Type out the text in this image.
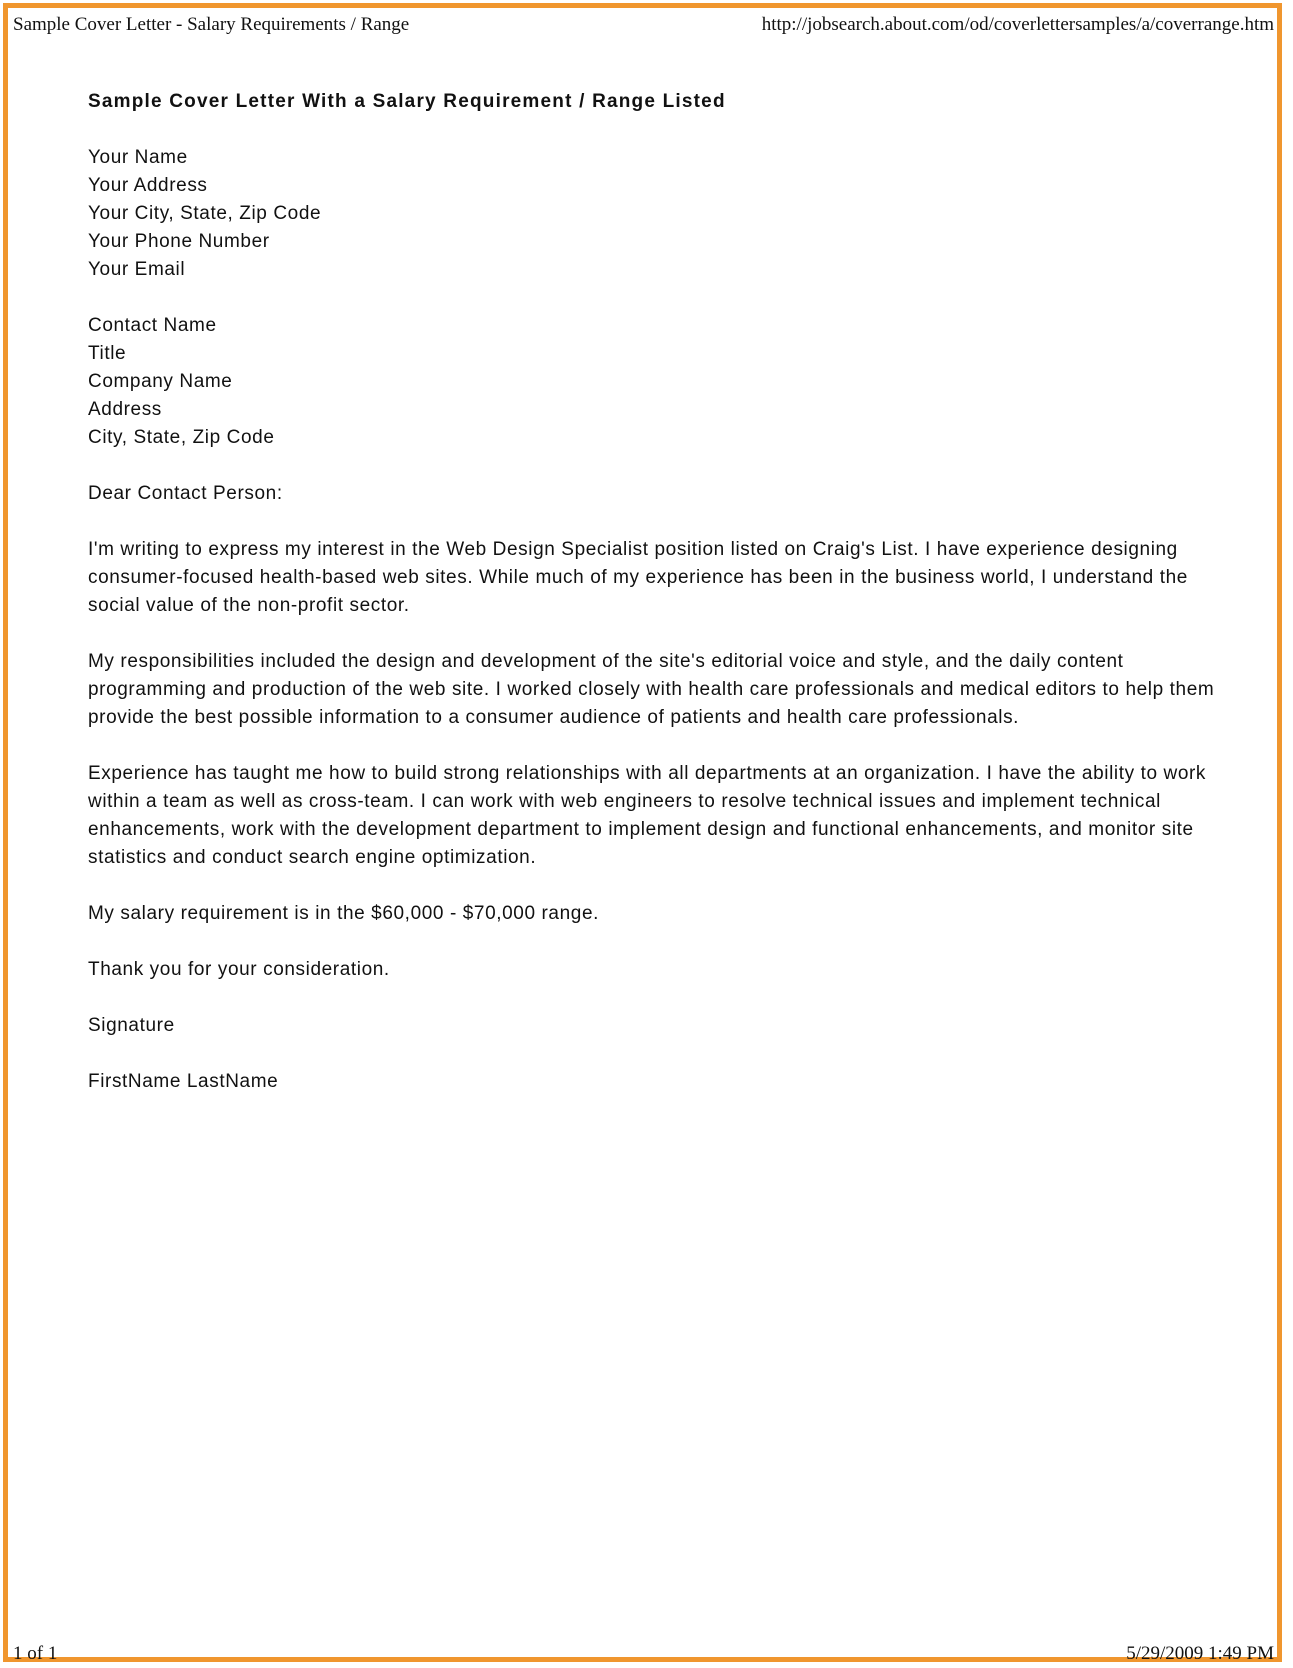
Sample Cover Letter - Salary Requirements / Range	http://jobsearch.about.com/od/coverlettersamples/a/coverrange.htm
Sample Cover Letter With a Salary Requirement / Range Listed
Your Name
Your Address
Your City, State, Zip Code
Your Phone Number
Your Email
Contact Name
Title
Company Name
Address
City, State, Zip Code
Dear Contact Person:

I'm writing to express my interest in the Web Design Specialist position listed on Craig's List. I have experience designing consumer-focused health-based web sites. While much of my experience has been in the business world, I understand the social value of the non-profit sector.

My responsibilities included the design and development of the site's editorial voice and style, and the daily content programming and production of the web site. I worked closely with health care professionals and medical editors to help them provide the best possible information to a consumer audience of patients and health care professionals.

Experience has taught me how to build strong relationships with all departments at an organization. I have the ability to work within a team as well as cross-team. I can work with web engineers to resolve technical issues and implement technical enhancements, work with the development department to implement design and functional enhancements, and monitor site statistics and conduct search engine optimization.

My salary requirement is in the $60,000 - $70,000 range.

Thank you for your consideration.

Signature
FirstName LastName
1 of 1	5/29/2009 1:49 PM
